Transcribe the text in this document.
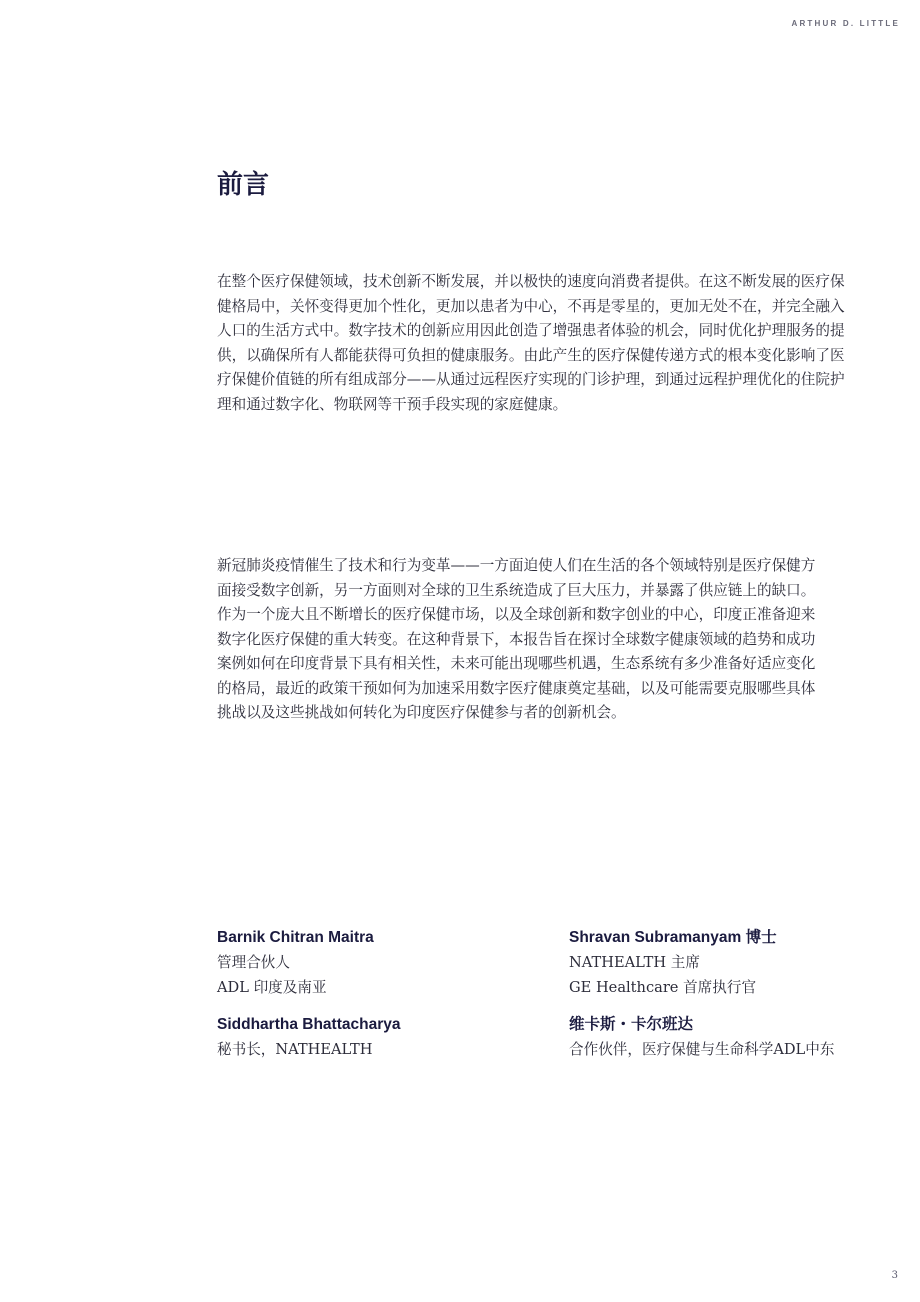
ARTHUR D. LITTLE
前言

在整个医疗保健领域，技术创新不断发展，并以极快的速度向消费者提供。在这不断发展的医疗保健格局中，关怀变得更加个性化，更加以患者为中心，不再是零星的，更加无处不在，并完全融入人口的生活方式中。数字技术的创新应用因此创造了增强患者体验的机会，同时优化护理服务的提供，以确保所有人都能获得可负担的健康服务。由此产生的医疗保健传递方式的根本变化影响了医疗保健价值链的所有组成部分——从通过远程医疗实现的门诊护理，到通过远程护理优化的住院护理和通过数字化、物联网等干预手段实现的家庭健康。

新冠肺炎疫情催生了技术和行为变革——一方面迫使人们在生活的各个领域特别是医疗保健方面接受数字创新，另一方面则对全球的卫生系统造成了巨大压力，并暴露了供应链上的缺口。作为一个庞大且不断增长的医疗保健市场，以及全球创新和数字创业的中心，印度正准备迎来数字化医疗保健的重大转变。在这种背景下，本报告旨在探讨全球数字健康领域的趋势和成功案例如何在印度背景下具有相关性，未来可能出现哪些机遇，生态系统有多少准备好适应变化的格局，最近的政策干预如何为加速采用数字医疗健康奠定基础，以及可能需要克服哪些具体挑战以及这些挑战如何转化为印度医疗保健参与者的创新机会。

Barnik Chitran Maitra
管理合伙人
ADL 印度及南亚
Shravan Subramanyam 博士
NATHEALTH 主席
GE Healthcare 首席执行官
Siddhartha Bhattacharya
秘书长，NATHEALTH
维卡斯・卡尔班达
合作伙伴，医疗保健与生命科学ADL中东
3
